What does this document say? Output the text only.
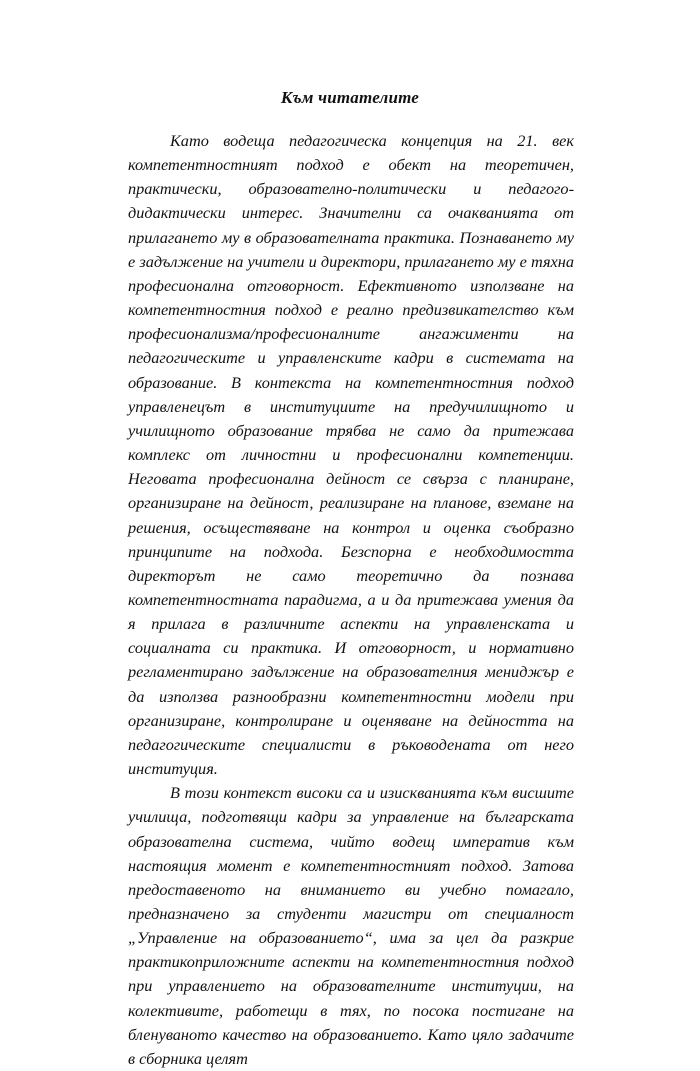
Към читателите

Като водеща педагогическа концепция на 21. век компетентностният подход е обект на теоретичен, практически, образователно-политически и педагого-дидактически интерес. Значителни са очакванията от прилагането му в образователната практика. Познаването му е задължение на учители и директори, прилагането му е тяхна професионална отговорност. Ефективното използване на компетентностния подход е реално предизвикателство към професионализма/професионалните ангажименти на педагогическите и управленските кадри в системата на образование. В контекста на компетентностния подход управленецът в институциите на предучилищното и училищното образование трябва не само да притежава комплекс от личностни и професионални компетенции. Неговата професионална дейност се свърза с планиране, организиране на дейност, реализиране на плановe, вземане на решения, осъществяване на контрол и оценка съобразно принципите на подхода. Безспорна е необходимостта директорът не само теоретично да познава компетентностната парадигма, а и да притежава умения да я прилага в различните аспекти на управленската и социалната си практика. И отговорност, и нормативно регламентирано задължение на образователния мениджър е да използва разнообразни компетентностни модели при организиране, контролиране и оценяване на дейността на педагогическите специалисти в ръководената от него институция.

В този контекст високи са и изискванията към висшите училища, подготвящи кадри за управление на българската образователна система, чийто водещ императив към настоящия момент е компетентностният подход. Затова предоставеното на вниманието ви учебно помагало, предназначено за студенти магистри от специалност „Управление на образованието“, има за цел да разкрие практикоприложните аспекти на компетентностния подход при управлението на образователните институции, на колективите, работещи в тях, по посока постигане на бленуваното качество на образованието. Като цяло задачите в сборника целят
